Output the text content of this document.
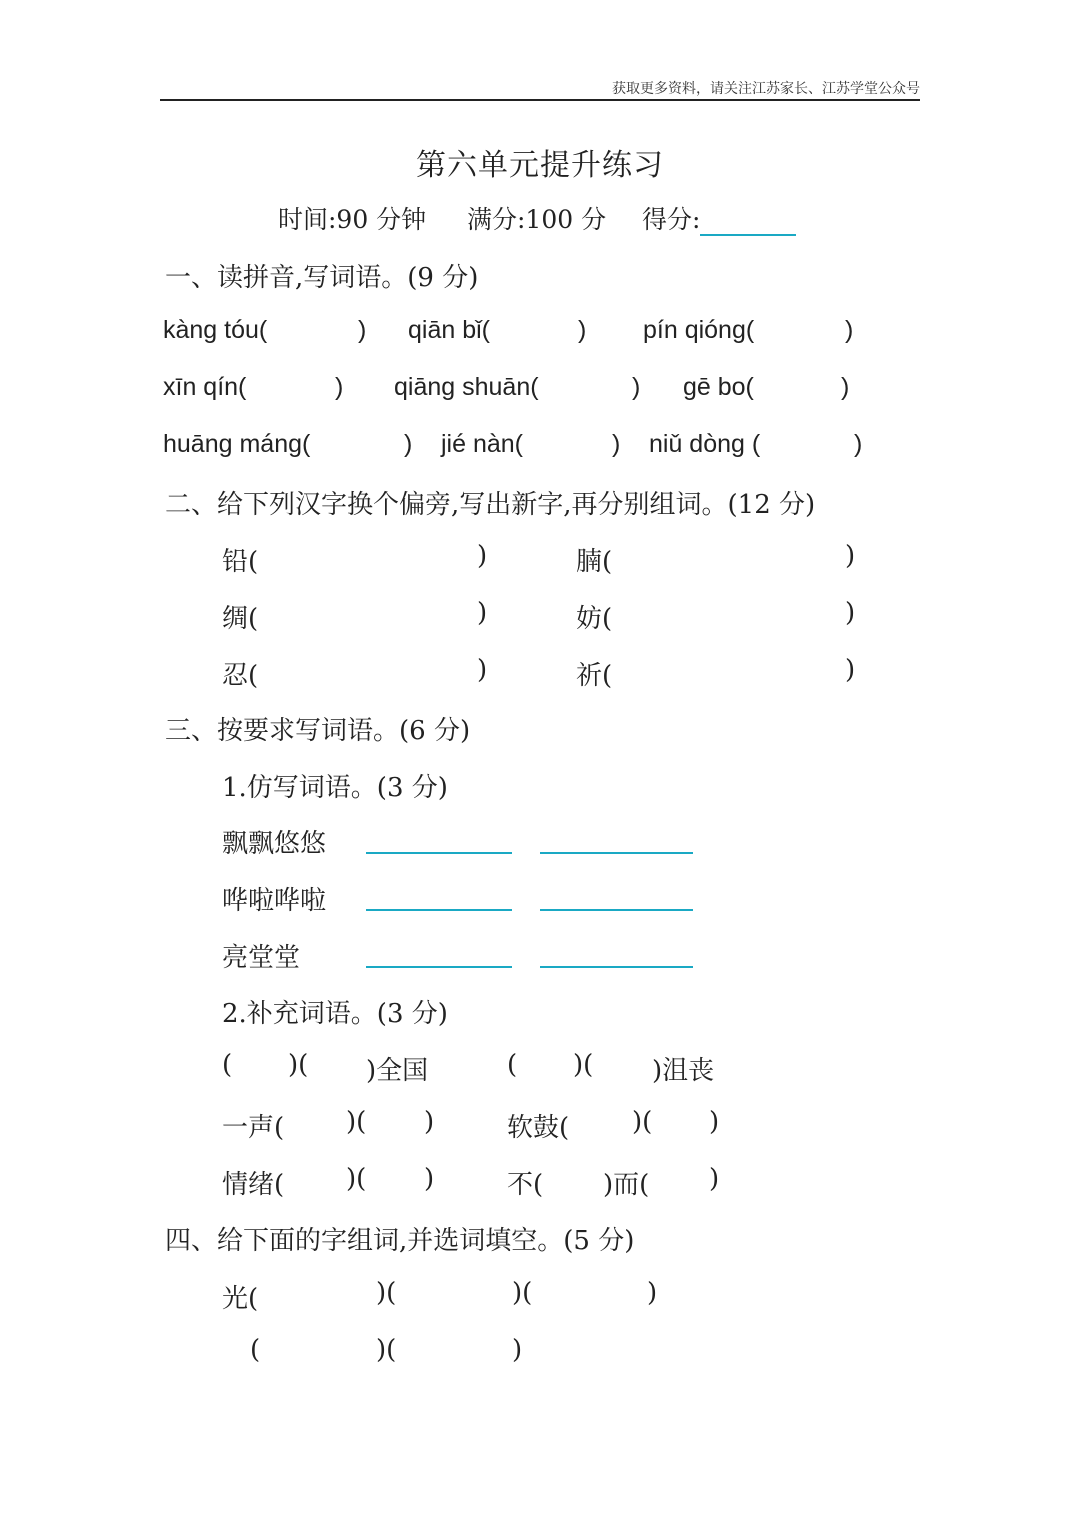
获取更多资料，请关注江苏家长、江苏学堂公众号
第六单元提升练习
时间:90 分钟 满分:100 分 得分:
一、读拼音,写词语。(9 分)
kàng tóu(	) qiān bǐ(	) pín qióng(	)
xīn qín(	) qiāng shuān(	) gē bo(	)
huāng máng(	) jié nàn(	) niǔ dòng (	)
二、给下列汉字换个偏旁,写出新字,再分别组词。(12 分)
铅(	)	腩(	)
绸(	)	妨(	)
忍(	)	祈(	)
三、按要求写词语。(6 分)
1.仿写词语。(3 分)
飘飘悠悠
哗啦哗啦
亮堂堂
2.补充词语。(3 分)
( )( )全国	( )( )沮丧
一声( )( )	软鼓( )( )
情绪( )( )	不( )而( )
四、给下面的字组词,并选词填空。(5 分)
光(	)(	)(	)
(	)(	)
